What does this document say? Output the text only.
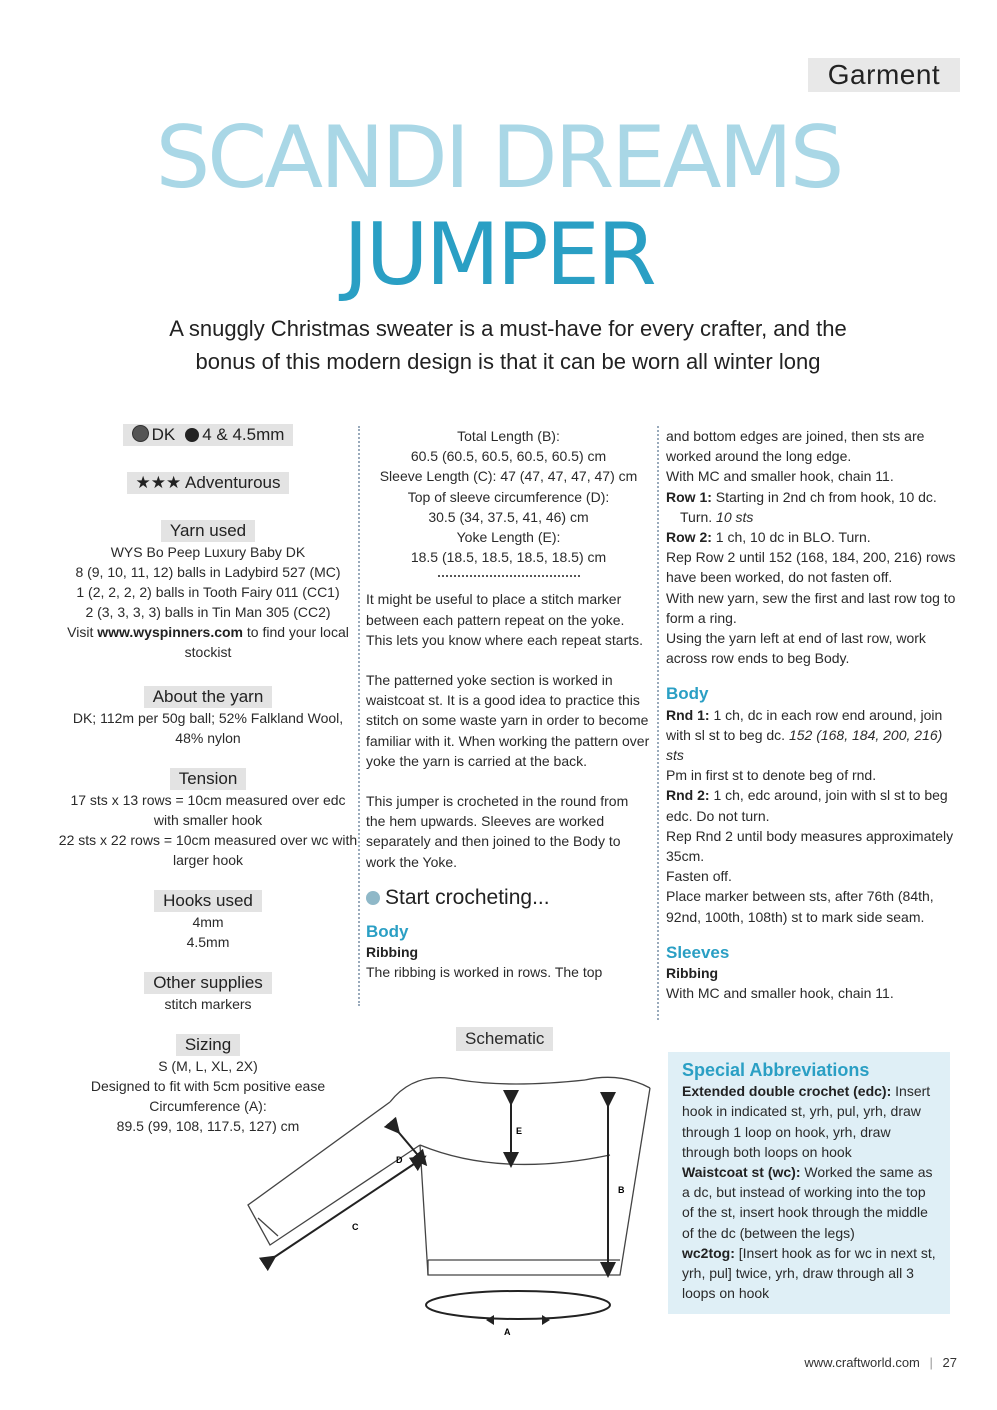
Garment
SCANDI DREAMS
JUMPER
A snuggly Christmas sweater is a must-have for every crafter, and the bonus of this modern design is that it can be worn all winter long
DK 4 & 4.5mm
★★★ Adventurous
Yarn used

WYS Bo Peep Luxury Baby DK

8 (9, 10, 11, 12) balls in Ladybird 527 (MC)

1 (2, 2, 2, 2) balls in Tooth Fairy 011 (CC1)

2 (3, 3, 3, 3) balls in Tin Man 305 (CC2)

Visit www.wyspinners.com to find your local stockist

About the yarn

DK; 112m per 50g ball; 52% Falkland Wool, 48% nylon

Tension

17 sts x 13 rows = 10cm measured over edc with smaller hook

22 sts x 22 rows = 10cm measured over wc with larger hook

Hooks used

4mm

4.5mm

Other supplies

stitch markers

Sizing

S (M, L, XL, 2X)

Designed to fit with 5cm positive ease

Circumference (A):

89.5 (99, 108, 117.5, 127) cm

Total Length (B):

60.5 (60.5, 60.5, 60.5, 60.5) cm

Sleeve Length (C): 47 (47, 47, 47, 47) cm

Top of sleeve circumference (D):

30.5 (34, 37.5, 41, 46) cm

Yoke Length (E):

18.5 (18.5, 18.5, 18.5, 18.5) cm

It might be useful to place a stitch marker between each pattern repeat on the yoke. This lets you know where each repeat starts.

The patterned yoke section is worked in waistcoat st. It is a good idea to practice this stitch on some waste yarn in order to become familiar with it. When working the pattern over yoke the yarn is carried at the back.

This jumper is crocheted in the round from the hem upwards. Sleeves are worked separately and then joined to the Body to work the Yoke.

Start crocheting...

Body

Ribbing

The ribbing is worked in rows. The top

and bottom edges are joined, then sts are worked around the long edge.

With MC and smaller hook, chain 11.

Row 1: Starting in 2nd ch from hook, 10 dc.

Turn. 10 sts

Row 2: 1 ch, 10 dc in BLO. Turn.

Rep Row 2 until 152 (168, 184, 200, 216) rows have been worked, do not fasten off.

With new yarn, sew the first and last row tog to form a ring.

Using the yarn left at end of last row, work across row ends to beg Body.

Body

Rnd 1: 1 ch, dc in each row end around, join with sl st to beg dc. 152 (168, 184, 200, 216) sts

Pm in first st to denote beg of rnd.

Rnd 2: 1 ch, edc around, join with sl st to beg edc. Do not turn.

Rep Rnd 2 until body measures approximately 35cm.

Fasten off.

Place marker between sts, after 76th (84th, 92nd, 100th, 108th) st to mark side seam.

Sleeves

Ribbing

With MC and smaller hook, chain 11.

Schematic
E
B
D
C
A
Special Abbreviations

Extended double crochet (edc): Insert hook in indicated st, yrh, pul, yrh, draw through 1 loop on hook, yrh, draw through both loops on hook

Waistcoat st (wc): Worked the same as a dc, but instead of working into the top of the st, insert hook through the middle of the dc (between the legs)

wc2tog: [Insert hook as for wc in next st, yrh, pul] twice, yrh, draw through all 3 loops on hook

www.craftworld.com | 27
